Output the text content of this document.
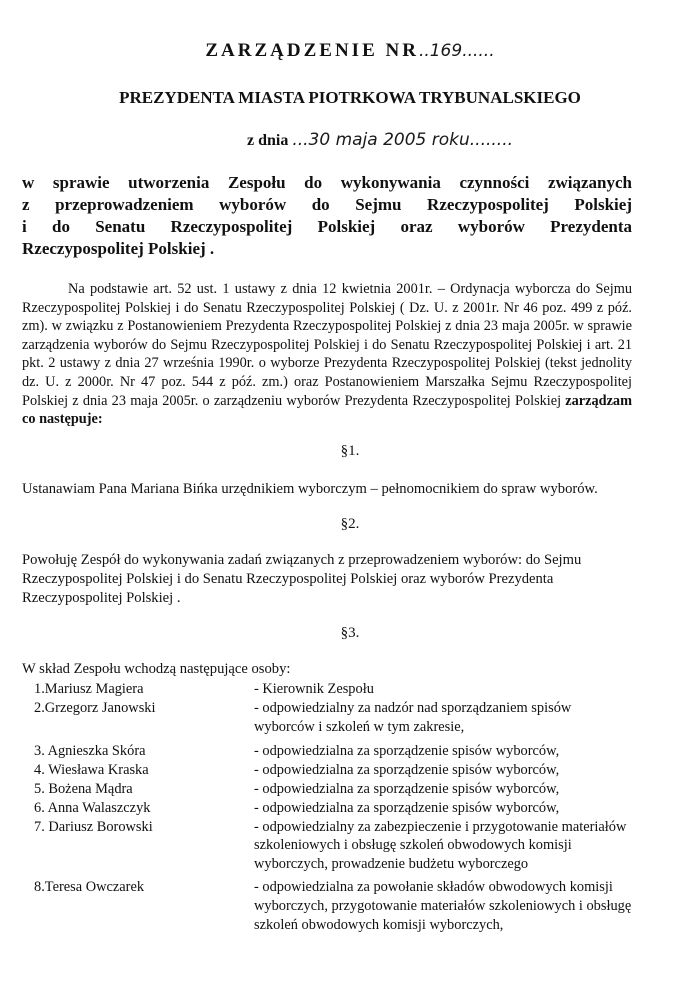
ZARZĄDZENIE NR..169......
PREZYDENTA MIASTA PIOTRKOWA TRYBUNALSKIEGO
z dnia ...30 maja 2005 roku........
w sprawie utworzenia Zespołu do wykonywania czynności związanych
z przeprowadzeniem wyborów do Sejmu Rzeczypospolitej Polskiej
i do Senatu Rzeczypospolitej Polskiej oraz wyborów Prezydenta
Rzeczypospolitej Polskiej .
Na podstawie art. 52 ust. 1 ustawy z dnia 12 kwietnia 2001r. – Ordynacja wyborcza do Sejmu Rzeczypospolitej Polskiej i do Senatu Rzeczypospolitej Polskiej ( Dz. U. z 2001r. Nr 46 poz. 499 z póź. zm). w związku z Postanowieniem Prezydenta Rzeczypospolitej Polskiej z dnia 23 maja 2005r. w sprawie zarządzenia wyborów do Sejmu Rzeczypospolitej Polskiej i do Senatu Rzeczypospolitej Polskiej i art. 21 pkt. 2 ustawy z dnia 27 września 1990r. o wyborze Prezydenta Rzeczypospolitej Polskiej (tekst jednolity dz. U. z 2000r. Nr 47 poz. 544 z póź. zm.) oraz Postanowieniem Marszałka Sejmu Rzeczypospolitej Polskiej z dnia 23 maja 2005r. o zarządzeniu wyborów Prezydenta Rzeczypospolitej Polskiej zarządzam co następuje:
§1.
Ustanawiam Pana Mariana Bińka urzędnikiem wyborczym – pełnomocnikiem do spraw wyborów.
§2.
Powołuję Zespół do wykonywania zadań związanych z przeprowadzeniem wyborów: do Sejmu Rzeczypospolitej Polskiej i do Senatu Rzeczypospolitej Polskiej oraz wyborów Prezydenta Rzeczypospolitej Polskiej .
§3.
W skład Zespołu wchodzą następujące osoby:
1.Mariusz Magiera	- Kierownik Zespołu
2.Grzegorz Janowski	- odpowiedzialny za nadzór nad sporządzaniem spisów wyborców i szkoleń w tym zakresie,
3. Agnieszka Skóra	- odpowiedzialna za sporządzenie spisów wyborców,
4. Wiesława Kraska	- odpowiedzialna za sporządzenie spisów wyborców,
5. Bożena Mądra	- odpowiedzialna za sporządzenie spisów wyborców,
6. Anna Walaszczyk	- odpowiedzialna za sporządzenie spisów wyborców,
7. Dariusz Borowski	- odpowiedzialny za zabezpieczenie i przygotowanie materiałów szkoleniowych i obsługę szkoleń obwodowych komisji wyborczych, prowadzenie budżetu wyborczego
8.Teresa Owczarek	- odpowiedzialna za powołanie składów obwodowych komisji wyborczych, przygotowanie materiałów szkoleniowych i obsługę szkoleń obwodowych komisji wyborczych,
